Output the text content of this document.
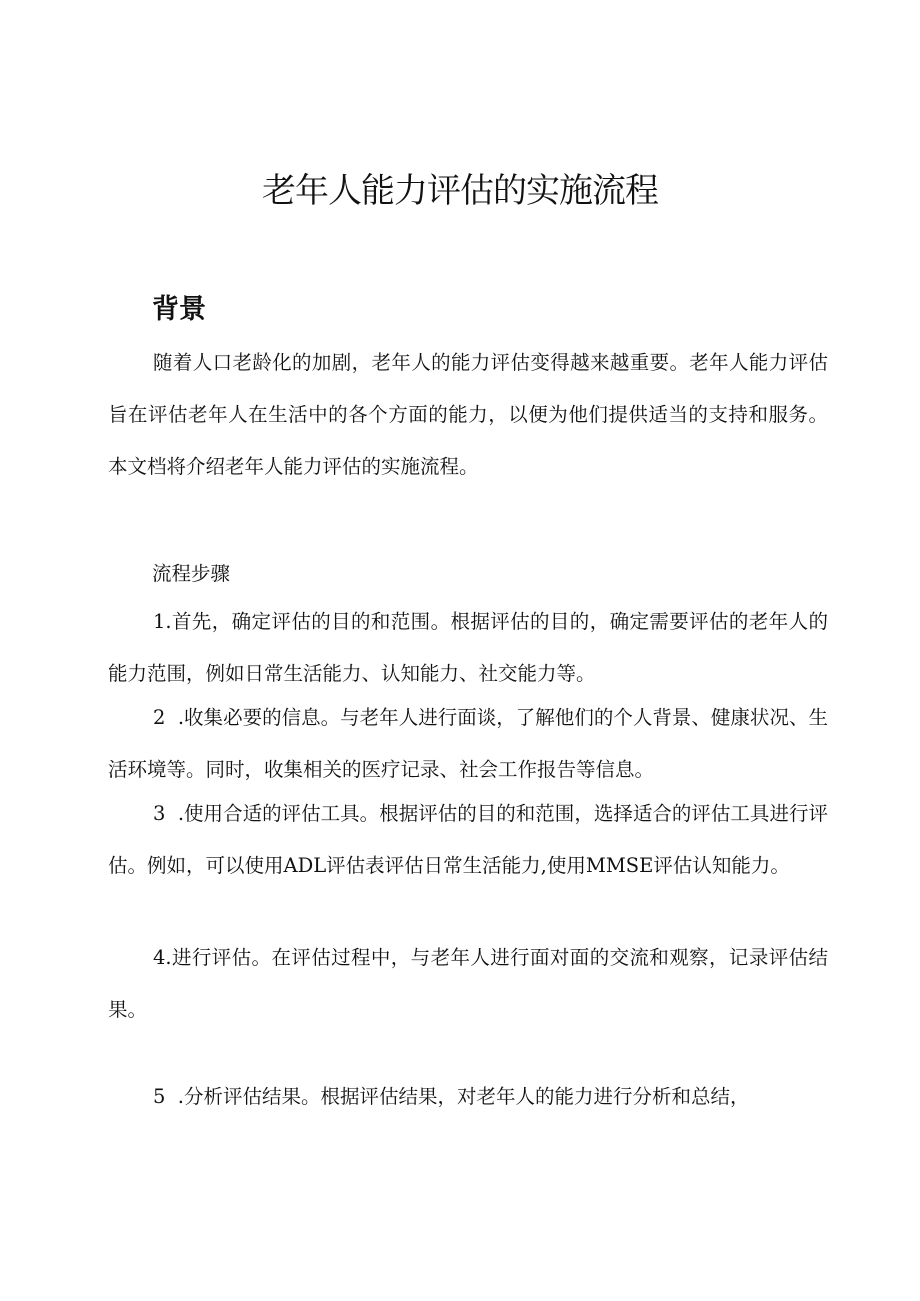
老年人能力评估的实施流程
背景

随着人口老龄化的加剧，老年人的能力评估变得越来越重要。老年人能力评估旨在评估老年人在生活中的各个方面的能力，以便为他们提供适当的支持和服务。本文档将介绍老年人能力评估的实施流程。

流程步骤

1.首先，确定评估的目的和范围。根据评估的目的，确定需要评估的老年人的能力范围，例如日常生活能力、认知能力、社交能力等。

2  .收集必要的信息。与老年人进行面谈，了解他们的个人背景、健康状况、生活环境等。同时，收集相关的医疗记录、社会工作报告等信息。

3  .使用合适的评估工具。根据评估的目的和范围，选择适合的评估工具进行评估。例如，可以使用ADL评估表评估日常生活能力,使用MMSE评估认知能力。

4.进行评估。在评估过程中，与老年人进行面对面的交流和观察，记录评估结果。

5  .分析评估结果。根据评估结果，对老年人的能力进行分析和总结，
